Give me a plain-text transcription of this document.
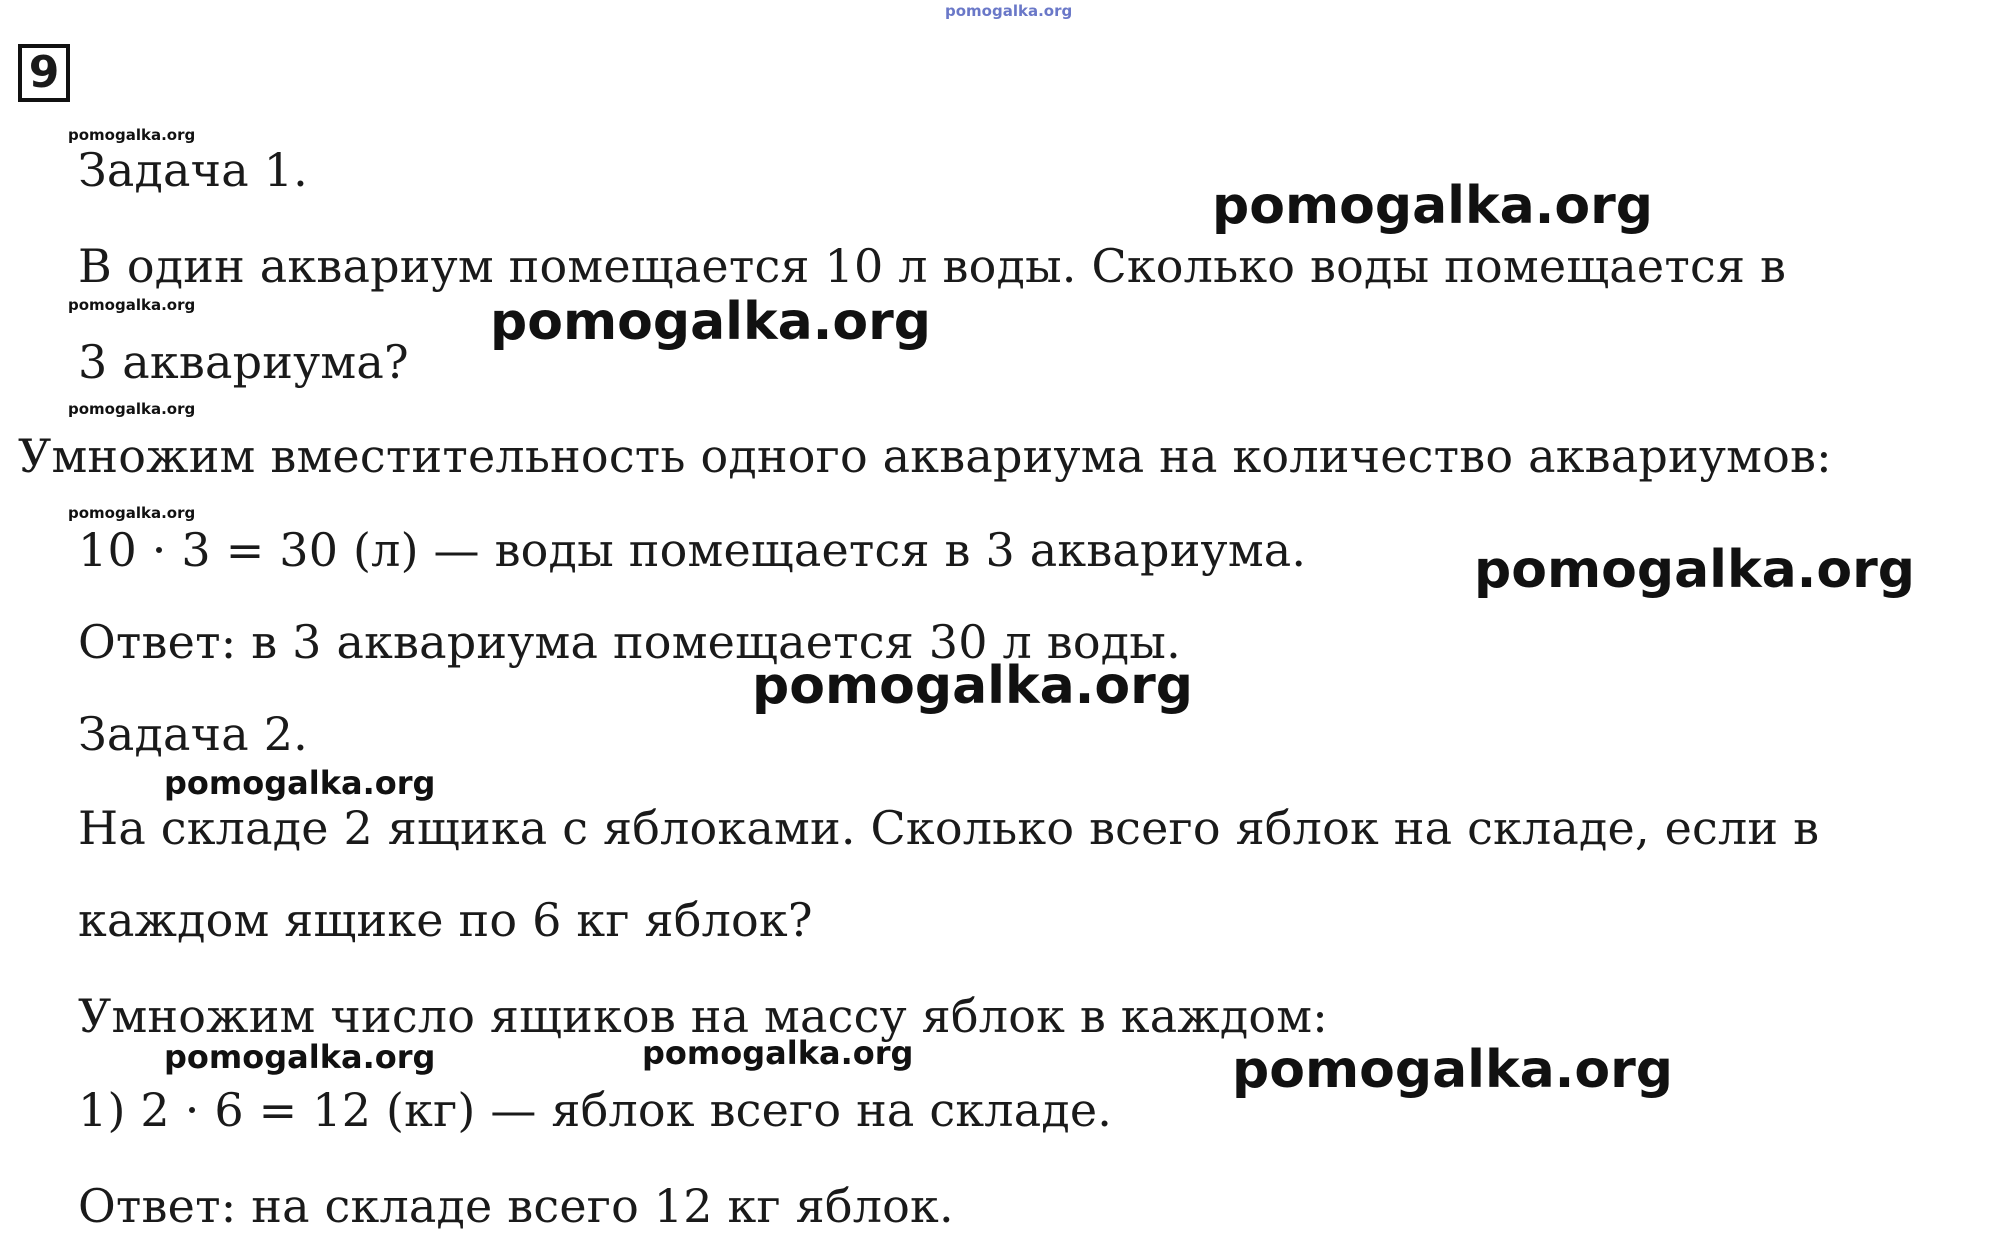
pomogalka.org
9
pomogalka.org
Задача 1.
pomogalka.org
В один аквариум помещается 10 л воды. Сколько воды помещается в
pomogalka.org	pomogalka.org
3 аквариума?
pomogalka.org
Умножим вместительность одного аквариума на количество аквариумов:
pomogalka.org
10 · 3 = 30 (л) — воды помещается в 3 аквариума.	pomogalka.org
Ответ: в 3 аквариума помещается 30 л воды.
pomogalka.org
Задача 2.
pomogalka.org
На складе 2 ящика с яблоками. Сколько всего яблок на складе, если в
каждом ящике по 6 кг яблок?
Умножим число ящиков на массу яблок в каждом:
pomogalka.org	pomogalka.org	pomogalka.org
1) 2 · 6 = 12 (кг) — яблок всего на складе.
Ответ: на складе всего 12 кг яблок.
